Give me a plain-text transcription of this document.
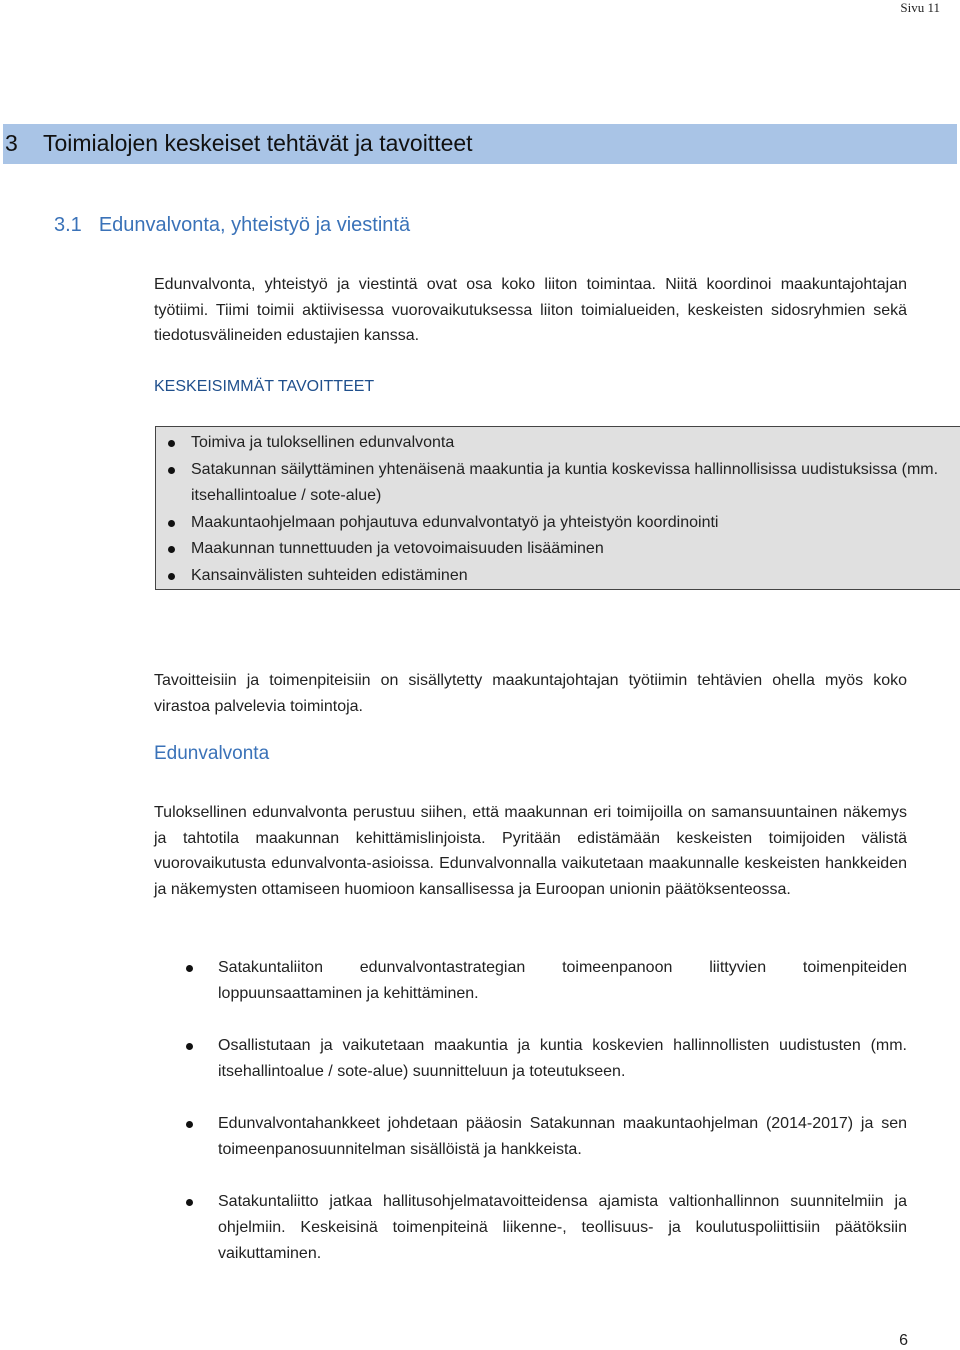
Sivu 11
3 Toimialojen keskeiset tehtävät ja tavoitteet
3.1 Edunvalvonta, yhteistyö ja viestintä
Edunvalvonta, yhteistyö ja viestintä ovat osa koko liiton toimintaa. Niitä koordinoi maakuntajohtajan työtiimi. Tiimi toimii aktiivisessa vuorovaikutuksessa liiton toimialueiden, keskeisten sidosryhmien sekä tiedotusvälineiden edustajien kanssa.
KESKEISIMMÄT TAVOITTEET
Toimiva ja tuloksellinen edunvalvonta
Satakunnan säilyttäminen yhtenäisenä maakuntia ja kuntia koskevissa hallinnollisissa uudistuksissa (mm. itsehallintoalue / sote-alue)
Maakuntaohjelmaan pohjautuva edunvalvontatyö ja yhteistyön koordinointi
Maakunnan tunnettuuden ja vetovoimaisuuden lisääminen
Kansainvälisten suhteiden edistäminen
Tavoitteisiin ja toimenpiteisiin on sisällytetty maakuntajohtajan työtiimin tehtävien ohella myös koko virastoa palvelevia toimintoja.
Edunvalvonta
Tuloksellinen edunvalvonta perustuu siihen, että maakunnan eri toimijoilla on samansuuntainen näkemys ja tahtotila maakunnan kehittämislinjoista. Pyritään edistämään keskeisten toimijoiden välistä vuorovaikutusta edunvalvonta-asioissa. Edunvalvonnalla vaikutetaan maakunnalle keskeisten hankkeiden ja näkemysten ottamiseen huomioon kansallisessa ja Euroopan unionin päätöksenteossa.
Satakuntaliiton edunvalvontastrategian toimeenpanoon liittyvien toimenpiteiden loppuunsaattaminen ja kehittäminen.
Osallistutaan ja vaikutetaan maakuntia ja kuntia koskevien hallinnollisten uudistusten (mm. itsehallintoalue / sote-alue) suunnitteluun ja toteutukseen.
Edunvalvontahankkeet johdetaan pääosin Satakunnan maakuntaohjelman (2014-2017) ja sen toimeenpanosuunnitelman sisällöistä ja hankkeista.
Satakuntaliitto jatkaa hallitusohjelmatavoitteidensa ajamista valtionhallinnon suunnitelmiin ja ohjelmiin. Keskeisinä toimenpiteinä liikenne-, teollisuus- ja koulutuspoliittisiin päätöksiin vaikuttaminen.
6
